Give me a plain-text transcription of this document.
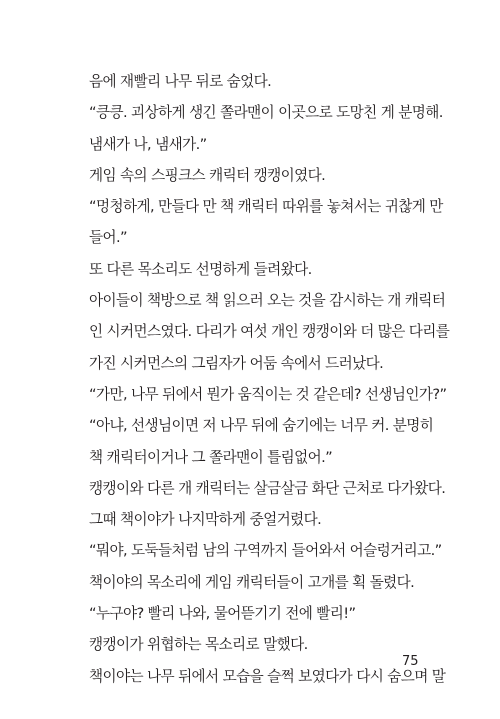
음에 재빨리 나무 뒤로 숨었다.

“킁킁. 괴상하게 생긴 쫄라맨이 이곳으로 도망친 게 분명해.

냄새가 나, 냄새가.”

게임 속의 스핑크스 캐릭터 캥캥이였다.

“멍청하게, 만들다 만 책 캐릭터 따위를 놓쳐서는 귀찮게 만

들어.”

또 다른 목소리도 선명하게 들려왔다.

아이들이 책방으로 책 읽으러 오는 것을 감시하는 개 캐릭터

인 시커먼스였다. 다리가 여섯 개인 캥캥이와 더 많은 다리를

가진 시커먼스의 그림자가 어둠 속에서 드러났다.

“가만, 나무 뒤에서 뭔가 움직이는 것 같은데? 선생님인가?”

“아냐, 선생님이면 저 나무 뒤에 숨기에는 너무 커. 분명히

책 캐릭터이거나 그 쫄라맨이 틀림없어.”

캥캥이와 다른 개 캐릭터는 살금살금 화단 근처로 다가왔다.

그때 책이야가 나지막하게 중얼거렸다.

“뭐야, 도둑들처럼 남의 구역까지 들어와서 어슬렁거리고.”

책이야의 목소리에 게임 캐릭터들이 고개를 획 돌렸다.

“누구야? 빨리 나와, 물어뜯기기 전에 빨리!”

캥캥이가 위협하는 목소리로 말했다.

책이야는 나무 뒤에서 모습을 슬쩍 보였다가 다시 숨으며 말

75
